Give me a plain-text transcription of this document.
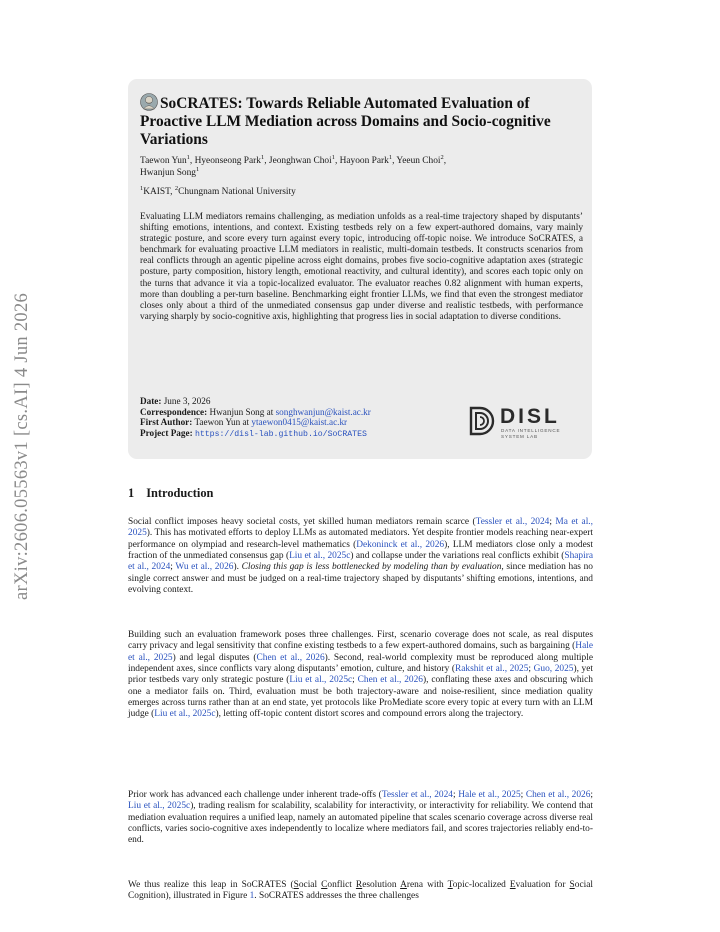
arXiv:2606.05563v1 [cs.AI] 4 Jun 2026
SoCRATES: Towards Reliable Automated Evaluation of Proactive LLM Mediation across Domains and Socio-cognitive Variations
Taewon Yun$^1$, Hyeonseong Park$^1$, Jeonghwan Choi$^1$, Hayoon Park$^1$, Yeeun Choi$^2$,
Hwanjun Song$^1$
$^1$KAIST, $^2$Chungnam National University
Evaluating LLM mediators remains challenging, as mediation unfolds as a real-time trajectory shaped by disputants’ shifting emotions, intentions, and context. Existing testbeds rely on a few expert-authored domains, vary mainly strategic posture, and score every turn against every topic, introducing off-topic noise. We introduce SoCRATES, a benchmark for evaluating proactive LLM mediators in realistic, multi-domain testbeds. It constructs scenarios from real conflicts through an agentic pipeline across eight domains, probes five socio-cognitive adaptation axes (strategic posture, party composition, history length, emotional reactivity, and cultural identity), and scores each topic only on the turns that advance it via a topic-localized evaluator. The evaluator reaches 0.82 alignment with human experts, more than doubling a per-turn baseline. Benchmarking eight frontier LLMs, we find that even the strongest mediator closes only about a third of the unmediated consensus gap under diverse and realistic testbeds, with performance varying sharply by socio-cognitive axis, highlighting that progress lies in social adaptation to diverse conditions.
Date: June 3, 2026
Correspondence: Hwanjun Song at songhwanjun@kaist.ac.kr
First Author: Taewon Yun at ytaewon0415@kaist.ac.kr
Project Page: https://disl-lab.github.io/SoCRATES
DISL
DATA INTELLIGENCE
SYSTEM LAB
1 Introduction

Social conflict imposes heavy societal costs, yet skilled human mediators remain scarce (Tessler et al., 2024; Ma et al., 2025). This has motivated efforts to deploy LLMs as automated mediators. Yet despite frontier models reaching near-expert performance on olympiad and research-level mathematics (Dekoninck et al., 2026), LLM mediators close only a modest fraction of the unmediated consensus gap (Liu et al., 2025c) and collapse under the variations real conflicts exhibit (Shapira et al., 2024; Wu et al., 2026). Closing this gap is less bottlenecked by modeling than by evaluation, since mediation has no single correct answer and must be judged on a real-time trajectory shaped by disputants’ shifting emotions, intentions, and evolving context.

Building such an evaluation framework poses three challenges. First, scenario coverage does not scale, as real disputes carry privacy and legal sensitivity that confine existing testbeds to a few expert-authored domains, such as bargaining (Hale et al., 2025) and legal disputes (Chen et al., 2026). Second, real-world complexity must be reproduced along multiple independent axes, since conflicts vary along disputants’ emotion, culture, and history (Rakshit et al., 2025; Guo, 2025), yet prior testbeds vary only strategic posture (Liu et al., 2025c; Chen et al., 2026), conflating these axes and obscuring which one a mediator fails on. Third, evaluation must be both trajectory-aware and noise-resilient, since mediation quality emerges across turns rather than at an end state, yet protocols like ProMediate score every topic at every turn with an LLM judge (Liu et al., 2025c), letting off-topic content distort scores and compound errors along the trajectory.

Prior work has advanced each challenge under inherent trade-offs (Tessler et al., 2024; Hale et al., 2025; Chen et al., 2026; Liu et al., 2025c), trading realism for scalability, scalability for interactivity, or interactivity for reliability. We contend that mediation evaluation requires a unified leap, namely an automated pipeline that scales scenario coverage across diverse real conflicts, varies socio-cognitive axes independently to localize where mediators fail, and scores trajectories reliably end-to-end.

We thus realize this leap in SoCRATES (Social Conflict Resolution Arena with Topic-localized Evaluation for Social Cognition), illustrated in Figure 1. SoCRATES addresses the three challenges
